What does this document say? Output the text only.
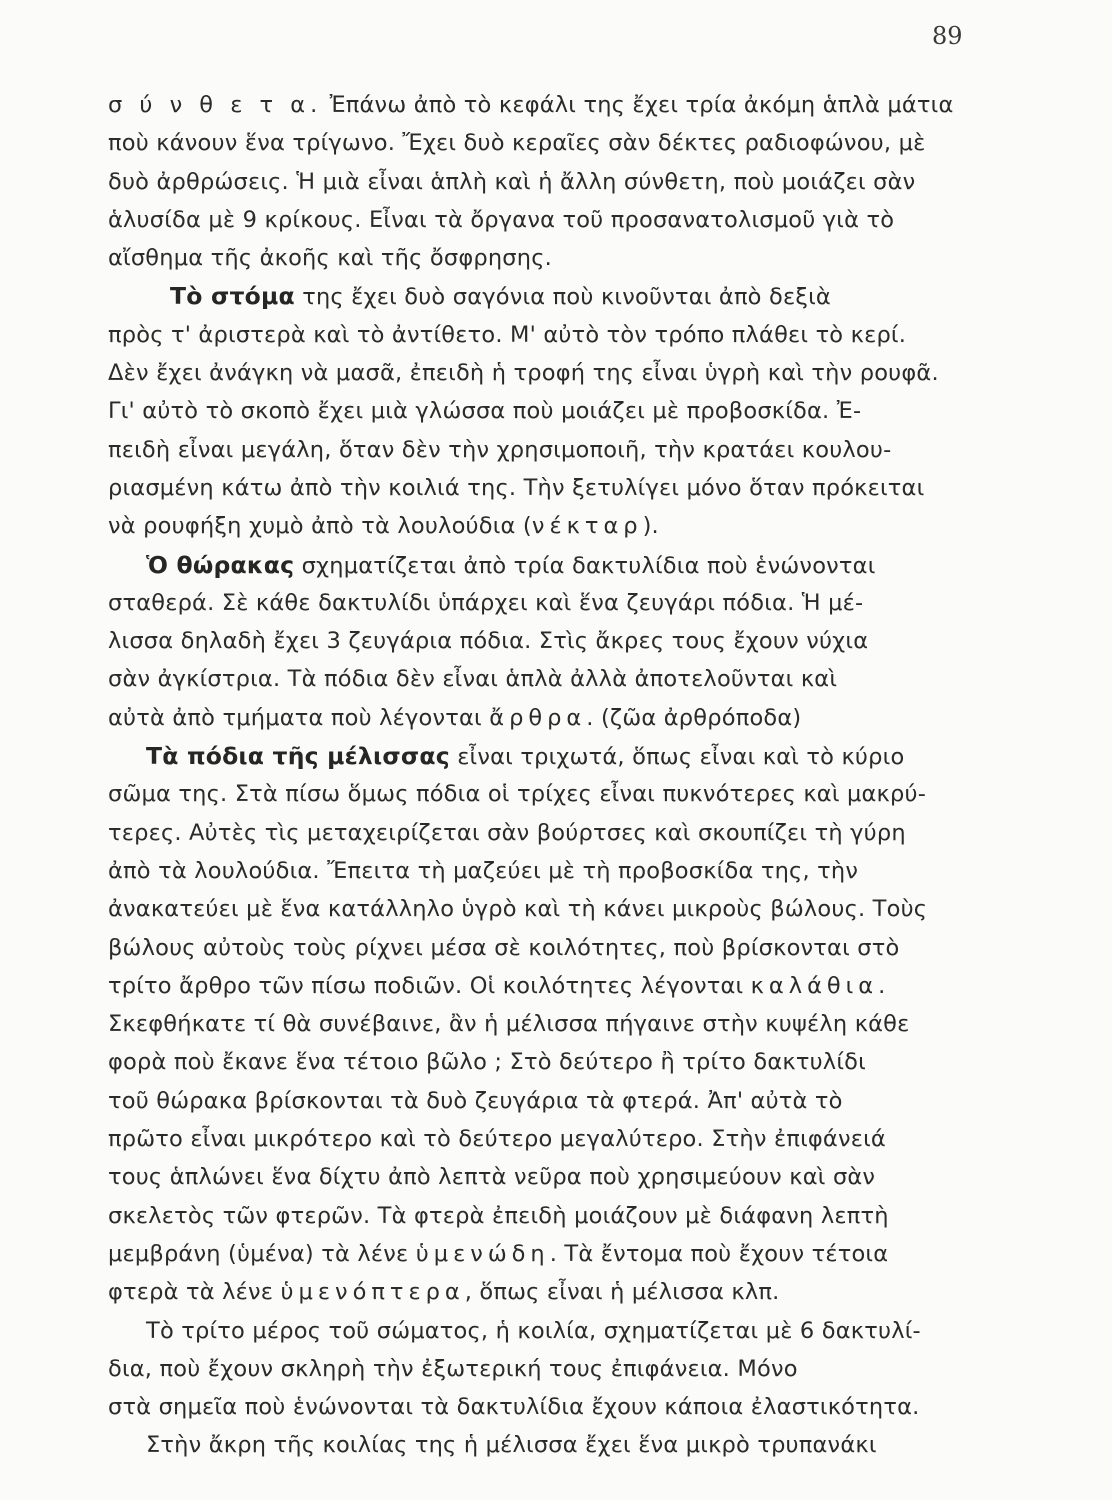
89
σ ύ ν θ ε τ α. Ἐπάνω ἀπὸ τὸ κεφάλι της ἔχει τρία ἀκόμη ἁπλὰ μάτια
ποὺ κάνουν ἕνα τρίγωνο. Ἔχει δυὸ κεραῖες σὰν δέκτες ραδιοφώνου, μὲ
δυὸ ἀρθρώσεις. Ἡ μιὰ εἶναι ἁπλὴ καὶ ἡ ἄλλη σύνθετη, ποὺ μοιάζει σὰν
ἁλυσίδα μὲ 9 κρίκους. Εἶναι τὰ ὄργανα τοῦ προσανατολισμοῦ γιὰ τὸ
αἴσθημα τῆς ἀκοῆς καὶ τῆς ὄσφρησης.
Τὸ στόμα της ἔχει δυὸ σαγόνια ποὺ κινοῦνται ἀπὸ δεξιὰ
πρὸς τ' ἀριστερὰ καὶ τὸ ἀντίθετο. Μ' αὐτὸ τὸν τρόπο πλάθει τὸ κερί.
Δὲν ἔχει ἀνάγκη νὰ μασᾶ, ἐπειδὴ ἡ τροφή της εἶναι ὑγρὴ καὶ τὴν ρουφᾶ.
Γι' αὐτὸ τὸ σκοπὸ ἔχει μιὰ γλώσσα ποὺ μοιάζει μὲ προβοσκίδα. Ἐ-
πειδὴ εἶναι μεγάλη, ὅταν δὲν τὴν χρησιμοποιῆ, τὴν κρατάει κουλου-
ριασμένη κάτω ἀπὸ τὴν κοιλιά της. Τὴν ξετυλίγει μόνο ὅταν πρόκειται
νὰ ρουφήξη χυμὸ ἀπὸ τὰ λουλούδια (νέκταρ).
Ὁ θώρακας σχηματίζεται ἀπὸ τρία δακτυλίδια ποὺ ἑνώνονται
σταθερά. Σὲ κάθε δακτυλίδι ὑπάρχει καὶ ἕνα ζευγάρι πόδια. Ἡ μέ-
λισσα δηλαδὴ ἔχει 3 ζευγάρια πόδια. Στὶς ἄκρες τους ἔχουν νύχια
σὰν ἀγκίστρια. Τὰ πόδια δὲν εἶναι ἁπλὰ ἀλλὰ ἀποτελοῦνται καὶ
αὐτὰ ἀπὸ τμήματα ποὺ λέγονται ἄρθρα. (ζῶα ἀρθρόποδα)
Τὰ πόδια τῆς μέλισσας εἶναι τριχωτά, ὅπως εἶναι καὶ τὸ κύριο
σῶμα της. Στὰ πίσω ὅμως πόδια οἱ τρίχες εἶναι πυκνότερες καὶ μακρύ-
τερες. Αὐτὲς τὶς μεταχειρίζεται σὰν βούρτσες καὶ σκουπίζει τὴ γύρη
ἀπὸ τὰ λουλούδια. Ἔπειτα τὴ μαζεύει μὲ τὴ προβοσκίδα της, τὴν
ἀνακατεύει μὲ ἕνα κατάλληλο ὑγρὸ καὶ τὴ κάνει μικροὺς βώλους. Τοὺς
βώλους αὐτοὺς τοὺς ρίχνει μέσα σὲ κοιλότητες, ποὺ βρίσκονται στὸ
τρίτο ἄρθρο τῶν πίσω ποδιῶν. Οἱ κοιλότητες λέγονται καλάθια.
Σκεφθήκατε τί θὰ συνέβαινε, ἂν ἡ μέλισσα πήγαινε στὴν κυψέλη κάθε
φορὰ ποὺ ἔκανε ἕνα τέτοιο βῶλο ; Στὸ δεύτερο ἢ τρίτο δακτυλίδι
τοῦ θώρακα βρίσκονται τὰ δυὸ ζευγάρια τὰ φτερά. Ἀπ' αὐτὰ τὸ
πρῶτο εἶναι μικρότερο καὶ τὸ δεύτερο μεγαλύτερο. Στὴν ἐπιφάνειά
τους ἁπλώνει ἕνα δίχτυ ἀπὸ λεπτὰ νεῦρα ποὺ χρησιμεύουν καὶ σὰν
σκελετὸς τῶν φτερῶν. Τὰ φτερὰ ἐπειδὴ μοιάζουν μὲ διάφανη λεπτὴ
μεμβράνη (ὑμένα) τὰ λένε ὑμενώδη. Τὰ ἔντομα ποὺ ἔχουν τέτοια
φτερὰ τὰ λένε ὑμενόπτερα, ὅπως εἶναι ἡ μέλισσα κλπ.
Τὸ τρίτο μέρος τοῦ σώματος, ἡ κοιλία, σχηματίζεται μὲ 6 δακτυλί-
δια, ποὺ ἔχουν σκληρὴ τὴν ἐξωτερική τους ἐπιφάνεια. Μόνο
στὰ σημεῖα ποὺ ἑνώνονται τὰ δακτυλίδια ἔχουν κάποια ἐλαστικότητα.
Στὴν ἄκρη τῆς κοιλίας της ἡ μέλισσα ἔχει ἕνα μικρὸ τρυπανάκι
